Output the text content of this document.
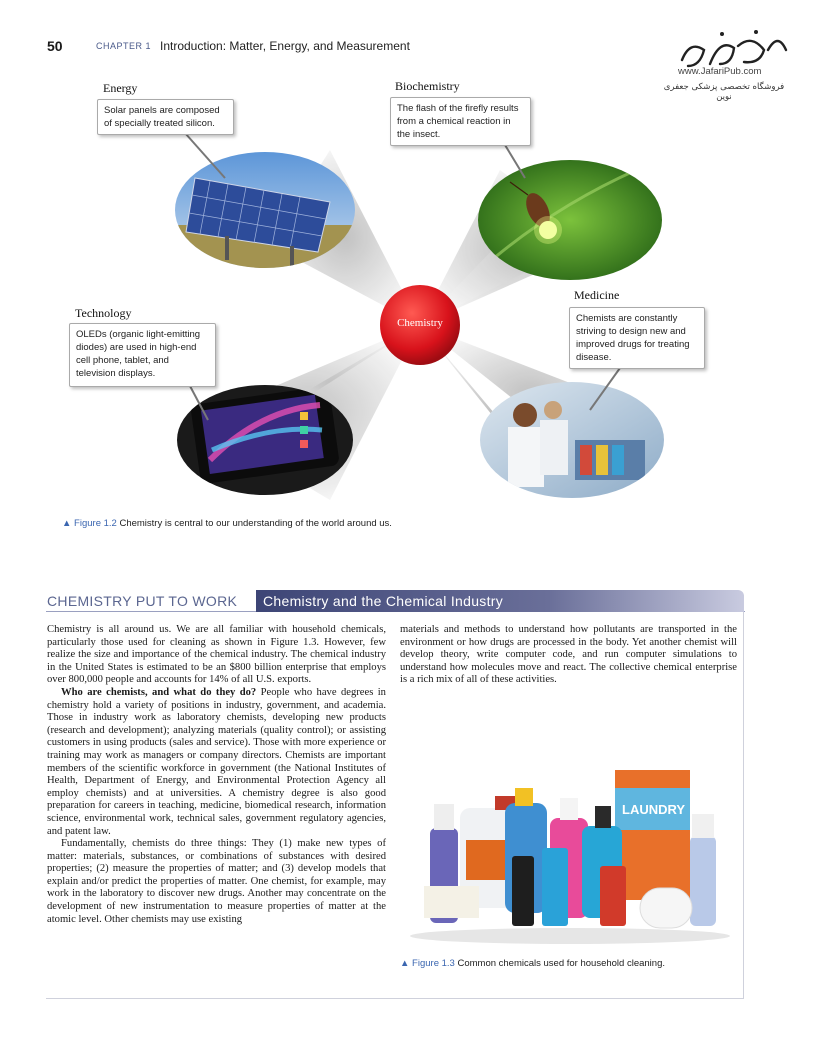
50	CHAPTER 1 Introduction: Matter, Energy, and Measurement
www.JafariPub.com
فروشگاه تخصصی پزشکی جعفری نوین
Chemistry
Energy	Biochemistry
Technology
Medicine
Solar panels are composed of specially treated silicon.
The flash of the firefly results from a chemical reaction in the insect.
OLEDs (organic light-emitting diodes) are used in high-end cell phone, tablet, and television displays.
Chemists are constantly striving to design new and improved drugs for treating disease.
▲ Figure 1.2 Chemistry is central to our understanding of the world around us.
CHEMISTRY PUT TO WORK Chemistry and the Chemical Industry

Chemistry is all around us. We are all familiar with household chemicals, particularly those used for cleaning as shown in Figure 1.3. However, few realize the size and importance of the chemical industry. The chemical industry in the United States is estimated to be an $800 billion enterprise that employs over 800,000 people and accounts for 14% of all U.S. exports.

Who are chemists, and what do they do? People who have degrees in chemistry hold a variety of positions in industry, government, and academia. Those in industry work as laboratory chemists, developing new products (research and development); analyzing materials (quality control); or assisting customers in using products (sales and service). Those with more experience or training may work as managers or company directors. Chemists are important members of the scientific workforce in government (the National Institutes of Health, Department of Energy, and Environmental Protection Agency all employ chemists) and at universities. A chemistry degree is also good preparation for careers in teaching, medicine, biomedical research, information science, environmental work, technical sales, government regulatory agencies, and patent law.

Fundamentally, chemists do three things: They (1) make new types of matter: materials, substances, or combinations of substances with desired properties; (2) measure the properties of matter; and (3) develop models that explain and/or predict the properties of matter. One chemist, for example, may work in the laboratory to discover new drugs. Another may concentrate on the development of new instrumentation to measure properties of matter at the atomic level. Other chemists may use existing

materials and methods to understand how pollutants are transported in the environment or how drugs are processed in the body. Yet another chemist will develop theory, write computer code, and run computer simulations to understand how molecules move and react. The collective chemical enterprise is a rich mix of all of these activities.

LAUNDRY
▲ Figure 1.3 Common chemicals used for household cleaning.
